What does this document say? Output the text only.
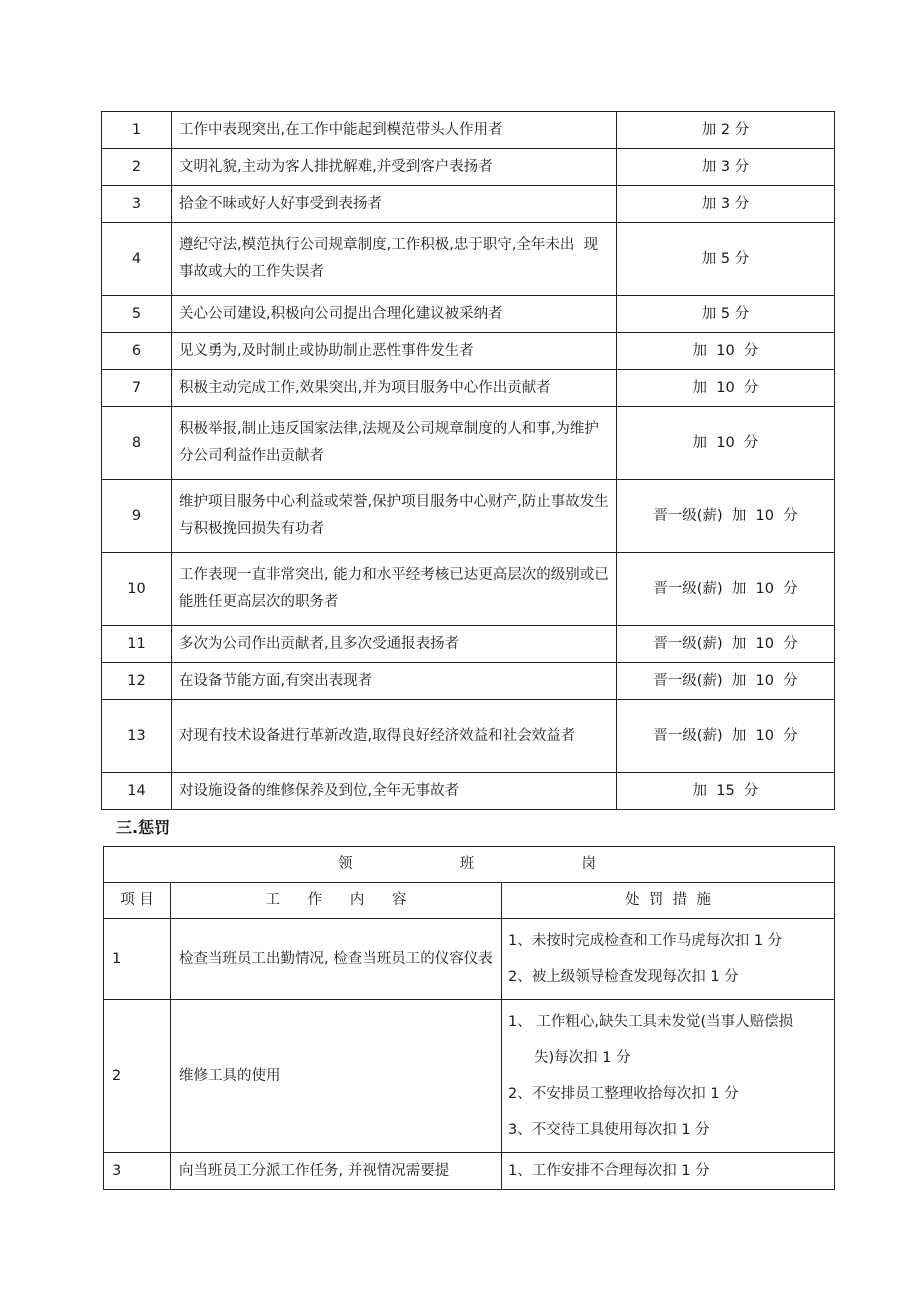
1	工作中表现突出,在工作中能起到模范带头人作用者	加 2 分
2	文明礼貌,主动为客人排扰解难,并受到客户表扬者	加 3 分
3	拾金不昧或好人好事受到表扬者	加 3 分
4	遵纪守法,模范执行公司规章制度,工作积极,忠于职守,全年未出  现事故或大的工作失误者	加 5 分
5	关心公司建设,积极向公司提出合理化建议被采纳者	加 5 分
6	见义勇为,及时制止或协助制止恶性事件发生者	加  10  分
7	积极主动完成工作,效果突出,并为项目服务中心作出贡献者	加  10  分
8	积极举报,制止违反国家法律,法规及公司规章制度的人和事,为维护分公司利益作出贡献者	加  10  分
9	维护项目服务中心利益或荣誉,保护项目服务中心财产,防止事故发生与积极挽回损失有功者	晋一级(薪)  加  10  分
10	工作表现一直非常突出, 能力和水平经考核已达更高层次的级别或已能胜任更高层次的职务者	晋一级(薪)  加  10  分
11	多次为公司作出贡献者,且多次受通报表扬者	晋一级(薪)  加  10  分
12	在设备节能方面,有突出表现者	晋一级(薪)  加  10  分
13	对现有技术设备进行革新改造,取得良好经济效益和社会效益者	晋一级(薪)  加  10  分
14	对设施设备的维修保养及到位,全年无事故者	加  15  分
三.惩罚
领            班            岗		
项 目	工      作      内      容	处  罚  措  施
1	检查当班员工出勤情况, 检查当班员工的仪容仪表	1、未按时完成检查和工作马虎每次扣 1 分
2、被上级领导检查发现每次扣 1 分

2	维修工具的使用	1、 工作粗心,缺失工具未发觉(当事人赔偿损
失)每次扣 1 分
2、不安排员工整理收拾每次扣 1 分
3、不交待工具使用每次扣 1 分

3	向当班员工分派工作任务, 并视情况需要提	1、工作安排不合理每次扣 1 分
